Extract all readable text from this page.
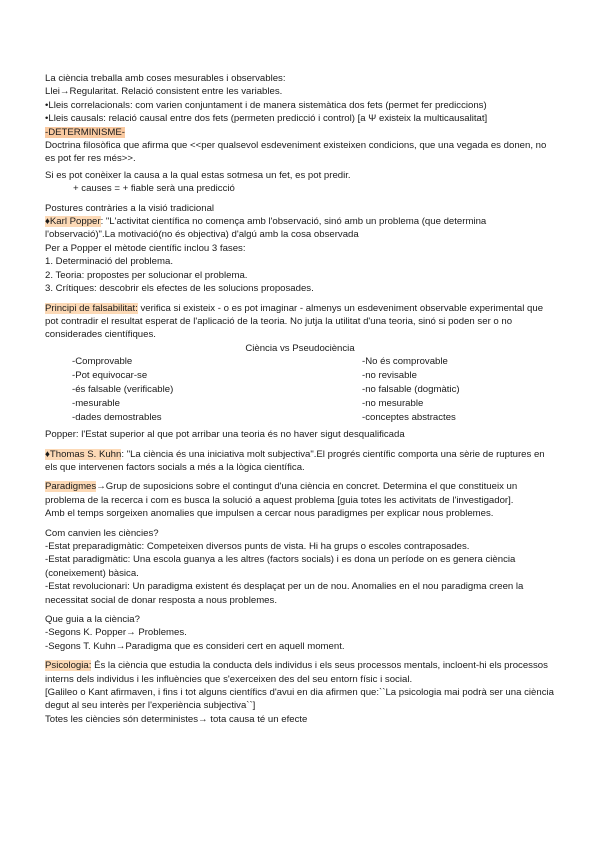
La ciència treballa amb coses mesurables i observables:
Llei→Regularitat. Relació consistent entre les variables.
•Lleis correlacionals: com varien conjuntament i de manera sistemàtica dos fets (permet fer prediccions)
•Lleis causals: relació causal entre dos fets (permeten predicció i control) [a Ψ existeix la multicausalitat]
-DETERMINISME-
Doctrina filosòfica que afirma que <<per qualsevol esdeveniment existeixen condicions, que una vegada es donen, no es pot fer res més>>.
Si es pot conèixer la causa a la qual estas sotmesa un fet, es pot predir.
+ causes = + fiable serà una predicció
Postures contràries a la visió tradicional
♦Karl Popper: "L'activitat científica no comença amb l'observació, sinó amb un problema (que determina l'observació)".La motivació(no és objectiva) d'algú amb la cosa observada
Per a Popper el mètode científic inclou 3 fases:
1. Determinació del problema.
2. Teoria: propostes per solucionar el problema.
3. Crítiques: descobrir els efectes de les solucions proposades.
Principi de falsabilitat: verifica si existeix - o es pot imaginar - almenys un esdeveniment observable experimental que pot contradir el resultat esperat de l'aplicació de la teoria. No jutja la utilitat d'una teoria, sinó si poden ser o no considerades científiques.
Ciència vs Pseudociència
-Comprovable	-No és comprovable
-Pot equivocar-se	-no revisable
-és falsable (verificable)	-no falsable (dogmàtic)
-mesurable	-no mesurable
-dades demostrables	-conceptes abstractes
Popper: l'Estat superior al que pot arribar una teoria és no haver sigut desqualificada
♦Thomas S. Kuhn: "La ciència és una iniciativa molt subjectiva".El progrés científic comporta una sèrie de ruptures en els que intervenen factors socials a més a la lògica científica.
Paradigmes→Grup de suposicions sobre el contingut d'una ciència en concret. Determina el que constitueix un problema de la recerca i com es busca la solució a aquest problema [guia totes les activitats de l'investigador].
Amb el temps sorgeixen anomalies que impulsen a cercar nous paradigmes per explicar nous problemes.
Com canvien les ciències?
-Estat preparadigmàtic: Competeixen diversos punts de vista. Hi ha grups o escoles contraposades.
-Estat paradigmàtic: Una escola guanya a les altres (factors socials) i es dona un període on es genera ciència (coneixement) bàsica.
-Estat revolucionari: Un paradigma existent és desplaçat per un de nou. Anomalies en el nou paradigma creen la necessitat social de donar resposta a nous problemes.
Que guia a la ciència?
-Segons K. Popper→ Problemes.
-Segons T. Kuhn→Paradigma que es consideri cert en aquell moment.
Psicologia: És la ciència que estudia la conducta dels individus i els seus processos mentals, incloent-hi els processos interns dels individus i les influències que s'exerceixen des del seu entorn físic i social.
[Galileo o Kant afirmaven, i fins i tot alguns científics d'avui en dia afirmen que:``La psicologia mai podrà ser una ciència degut al seu interès per l'experiència subjectiva``]
Totes les ciències són deterministes→ tota causa té un efecte
